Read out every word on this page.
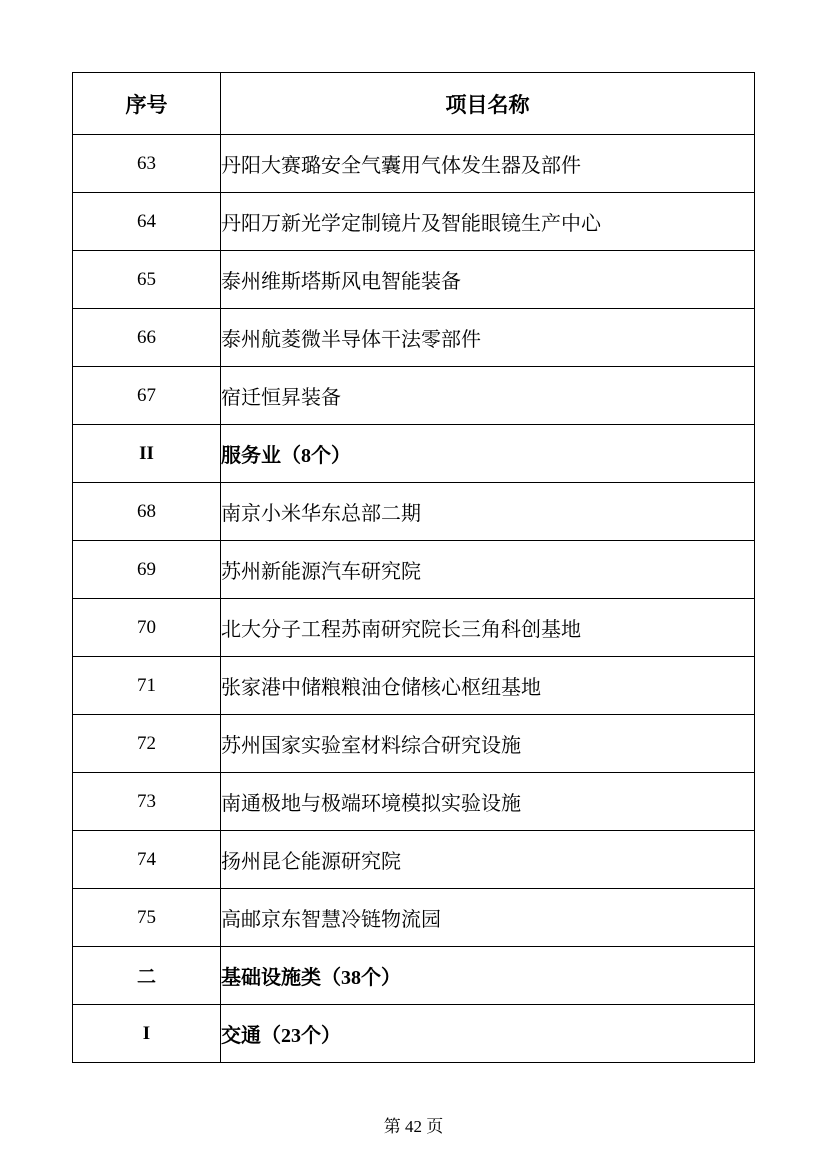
序号	项目名称
63	丹阳大赛璐安全气囊用气体发生器及部件
64	丹阳万新光学定制镜片及智能眼镜生产中心
65	泰州维斯塔斯风电智能装备
66	泰州航菱微半导体干法零部件
67	宿迁恒昇装备
II	服务业（8个）
68	南京小米华东总部二期
69	苏州新能源汽车研究院
70	北大分子工程苏南研究院长三角科创基地
71	张家港中储粮粮油仓储核心枢纽基地
72	苏州国家实验室材料综合研究设施
73	南通极地与极端环境模拟实验设施
74	扬州昆仑能源研究院
75	高邮京东智慧冷链物流园
二	基础设施类（38个）
I	交通（23个）
第 42 页
